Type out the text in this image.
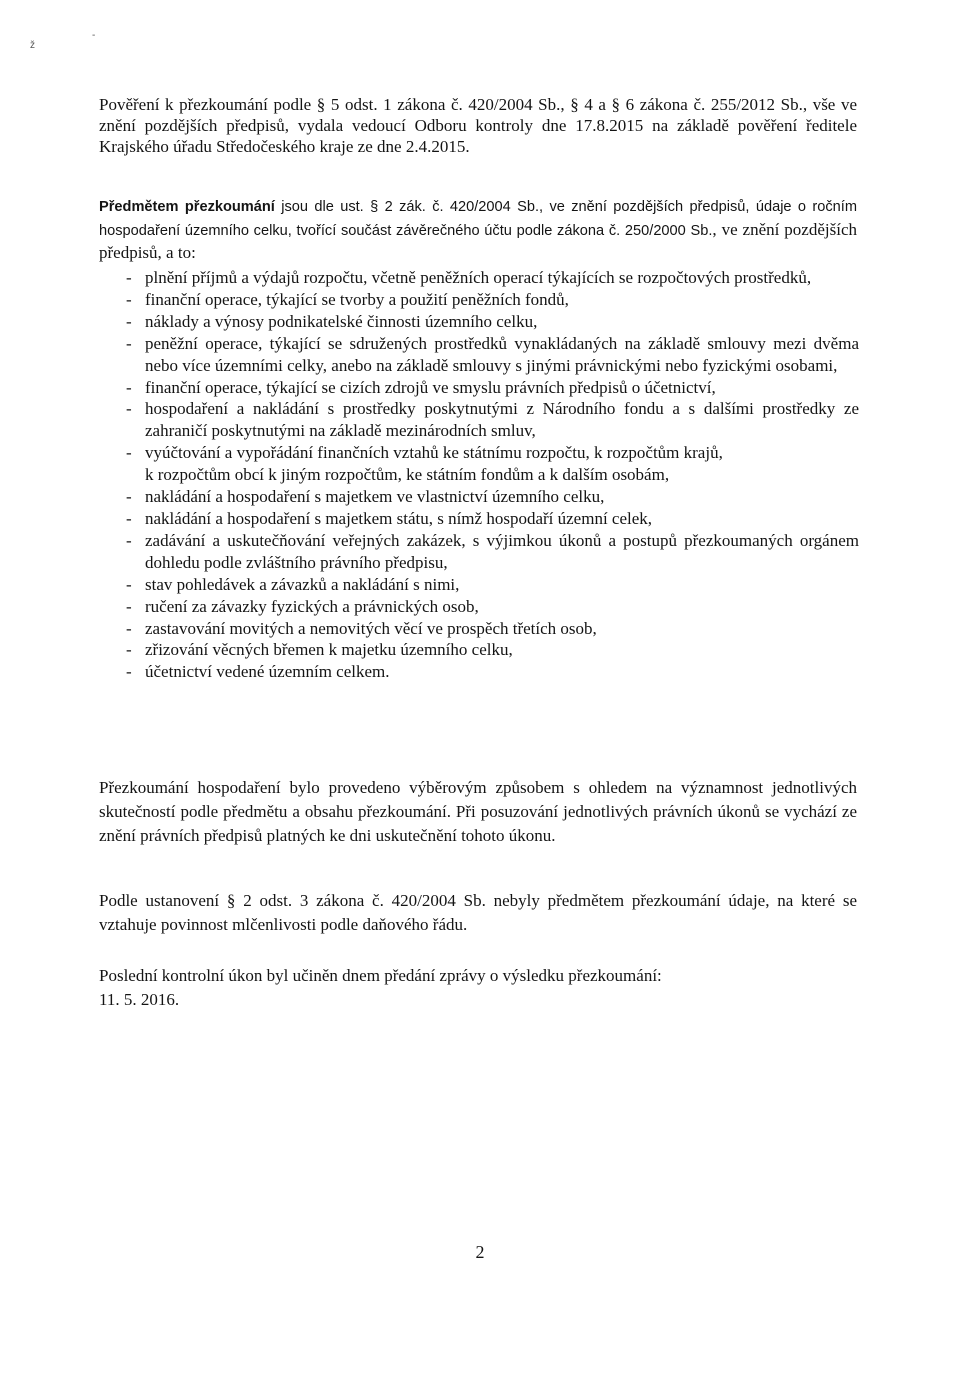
ž
-

Pověření k přezkoumání podle § 5 odst. 1 zákona č. 420/2004 Sb., § 4 a § 6 zákona č. 255/2012 Sb., vše ve znění pozdějších předpisů, vydala vedoucí Odboru kontroly dne 17.8.2015 na základě pověření ředitele Krajského úřadu Středočeského kraje ze dne 2.4.2015.

Předmětem přezkoumání jsou dle ust. § 2 zák. č. 420/2004 Sb., ve znění pozdějších předpisů, údaje o ročním hospodaření územního celku, tvořící součást závěrečného účtu podle zákona č. 250/2000 Sb., ve znění pozdějších předpisů, a to:

- plnění příjmů a výdajů rozpočtu, včetně peněžních operací týkajících se rozpočtových prostředků,
- finanční operace, týkající se tvorby a použití peněžních fondů,
- náklady a výnosy podnikatelské činnosti územního celku,
- peněžní operace, týkající se sdružených prostředků vynakládaných na základě smlouvy mezi dvěma nebo více územními celky, anebo na základě smlouvy s jinými právnickými nebo fyzickými osobami,
- finanční operace, týkající se cizích zdrojů ve smyslu právních předpisů o účetnictví,
- hospodaření a nakládání s prostředky poskytnutými z Národního fondu a s dalšími prostředky ze zahraničí poskytnutými na základě mezinárodních smluv,
- vyúčtování a vypořádání finančních vztahů ke státnímu rozpočtu, k rozpočtům krajů,
k rozpočtům obcí k jiným rozpočtům, ke státním fondům a k dalším osobám,
- nakládání a hospodaření s majetkem ve vlastnictví územního celku,
- nakládání a hospodaření s majetkem státu, s nímž hospodaří územní celek,
- zadávání a uskutečňování veřejných zakázek, s výjimkou úkonů a postupů přezkoumaných orgánem dohledu podle zvláštního právního předpisu,
- stav pohledávek a závazků a nakládání s nimi,
- ručení za závazky fyzických a právnických osob,
- zastavování movitých a nemovitých věcí ve prospěch třetích osob,
- zřizování věcných břemen k majetku územního celku,
- účetnictví vedené územním celkem.

Přezkoumání hospodaření bylo provedeno výběrovým způsobem s ohledem na významnost jednotlivých skutečností podle předmětu a obsahu přezkoumání. Při posuzování jednotlivých právních úkonů se vychází ze znění právních předpisů platných ke dni uskutečnění tohoto úkonu.

Podle ustanovení § 2 odst. 3 zákona č. 420/2004 Sb. nebyly předmětem přezkoumání údaje, na které se vztahuje povinnost mlčenlivosti podle daňového řádu.

Poslední kontrolní úkon byl učiněn dnem předání zprávy o výsledku přezkoumání:
11. 5. 2016.
2
